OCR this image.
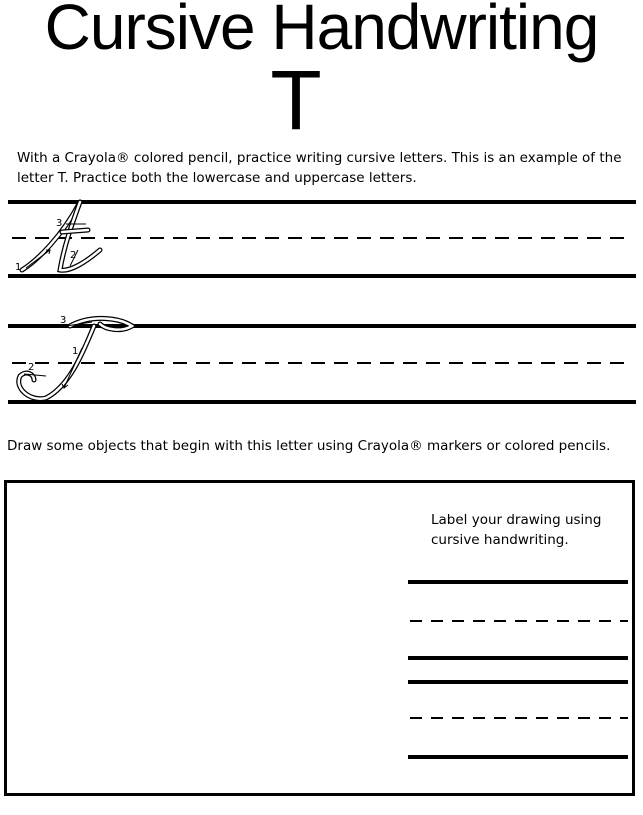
Cursive Handwriting
T

With a Crayola® colored pencil, practice writing cursive letters. This is an example of the letter T. Practice both the lowercase and uppercase letters.

1
2
3
1
2
3

Draw some objects that begin with this letter using Crayola® markers or colored pencils.

Label your drawing using cursive handwriting.
